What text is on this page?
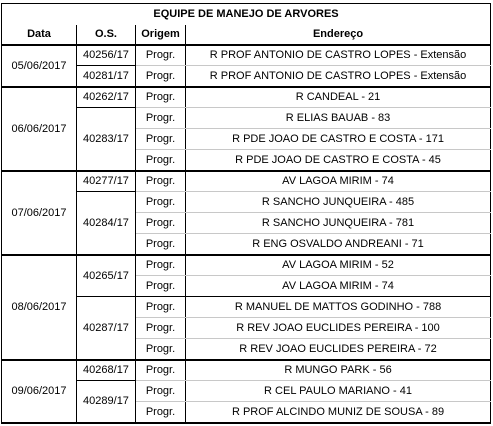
EQUIPE DE MANEJO DE ARVORES			
Data	O.S.	Origem	Endereço
05/06/2017	40256/17	Progr.	R PROF ANTONIO DE CASTRO LOPES - Extensão
	40281/17	Progr.	R PROF ANTONIO DE CASTRO LOPES - Extensão
06/06/2017	40262/17	Progr.	R CANDEAL - 21
	40283/17	Progr.	R ELIAS BAUAB - 83
		Progr.	R PDE JOAO DE CASTRO E COSTA - 171
		Progr.	R PDE JOAO DE CASTRO E COSTA - 45
07/06/2017	40277/17	Progr.	AV LAGOA MIRIM - 74
	40284/17	Progr.	R SANCHO JUNQUEIRA - 485
		Progr.	R SANCHO JUNQUEIRA - 781
		Progr.	R ENG OSVALDO ANDREANI - 71
08/06/2017	40265/17	Progr.	AV LAGOA MIRIM - 52
		Progr.	AV LAGOA MIRIM - 74
	40287/17	Progr.	R MANUEL DE MATTOS GODINHO - 788
		Progr.	R REV JOAO EUCLIDES PEREIRA - 100
		Progr.	R REV JOAO EUCLIDES PEREIRA - 72
09/06/2017	40268/17	Progr.	R MUNGO PARK - 56
	40289/17	Progr.	R CEL PAULO MARIANO - 41
		Progr.	R PROF ALCINDO MUNIZ DE SOUSA - 89
